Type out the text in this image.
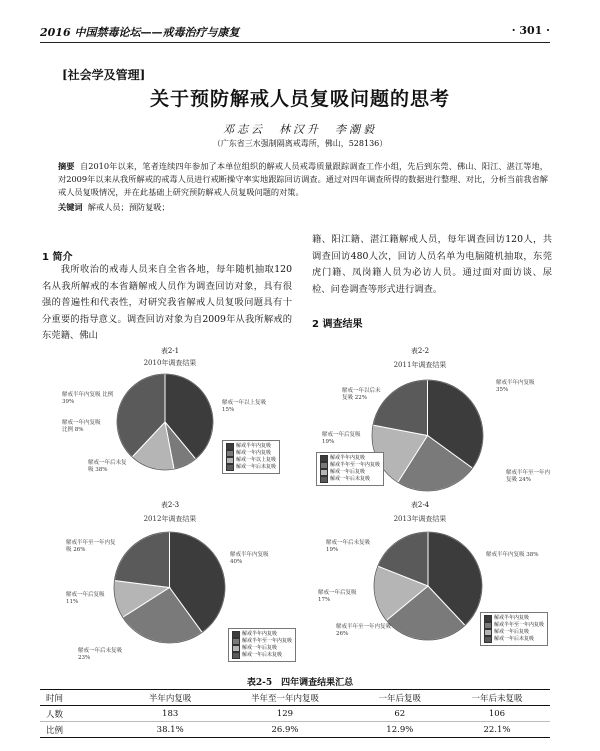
2016 中国禁毒论坛——戒毒治疗与康复	· 301 ·
[社会学及管理]
关于预防解戒人员复吸问题的思考
邓志云　林汉升　李潮毅
（广东省三水强制隔离戒毒所，佛山，528136）
摘要 自2010年以来，笔者连续四年参加了本单位组织的解戒人员戒毒质量跟踪调查工作小组，先后到东莞、佛山、阳江、湛江等地，对2009年以来从我所解戒的戒毒人员进行戒断操守率实地跟踪回访调查。通过对四年调查所得的数据进行整理、对比，分析当前我省解戒人员复吸情况，并在此基础上研究预防解戒人员复吸问题的对策。
关键词 解戒人员；預防复吸；
1 简介
我所收治的戒毒人员来自全省各地，每年随机抽取120名从我所解戒的本省籍解戒人员作为调查回访对象，具有很强的普遍性和代表性，对研究我省解戒人员复吸问题具有十分重要的指导意义。调查回访对象为自2009年从我所解戒的东莞籍、佛山
籍、阳江籍、湛江籍解戒人员，每年调查回访120人，共调查回访480人次，回访人员名单为电脑随机抽取，东莞虎门籍、凤岗籍人员为必访人员。通过面对面访谈、尿检、问卷调查等形式进行调查。
2 调查结果
表2-1
2010年调查结果
解戒半年内复吸 比例 39%
解戒一年内复吸 比例 8%
解戒一年以上复吸 15%
解戒一年后未复吸 38%
解戒半年内复吸
解戒一年内复吸
解戒一年以上复吸
解戒一年后未复吸
表2-2
2011年调查结果
解戒半年内复吸 35%
解戒一年后复吸 19%
解戒一年以后未复吸 22%
解戒半年至一年内复吸 24%
解戒半年内复吸
解戒半年至一年内复吸
解戒一年后复吸
解戒一年后未复吸
表2-3
2012年调查结果
解戒半年内复吸 40%
解戒一年后复吸 11%
解戒半年至一年内复吸 26%
解戒一年后未复吸 23%
解戒半年内复吸
解戒半年至一年内复吸
解戒一年后复吸
解戒一年后未复吸
表2-4
2013年调查结果
解戒半年内复吸 38%
解戒一年后复吸 17%
解戒半年至一年内复吸 26%
解戒一年后未复吸 19%
解戒半年内复吸
解戒半年至一年内复吸
解戒一年后复吸
解戒一年后未复吸
表2-5　四年调查结果汇总
时间	半年内复吸	半年至一年内复吸	一年后复吸	一年后未复吸
人数	183	129	62	106
比例	38.1%	26.9%	12.9%	22.1%
